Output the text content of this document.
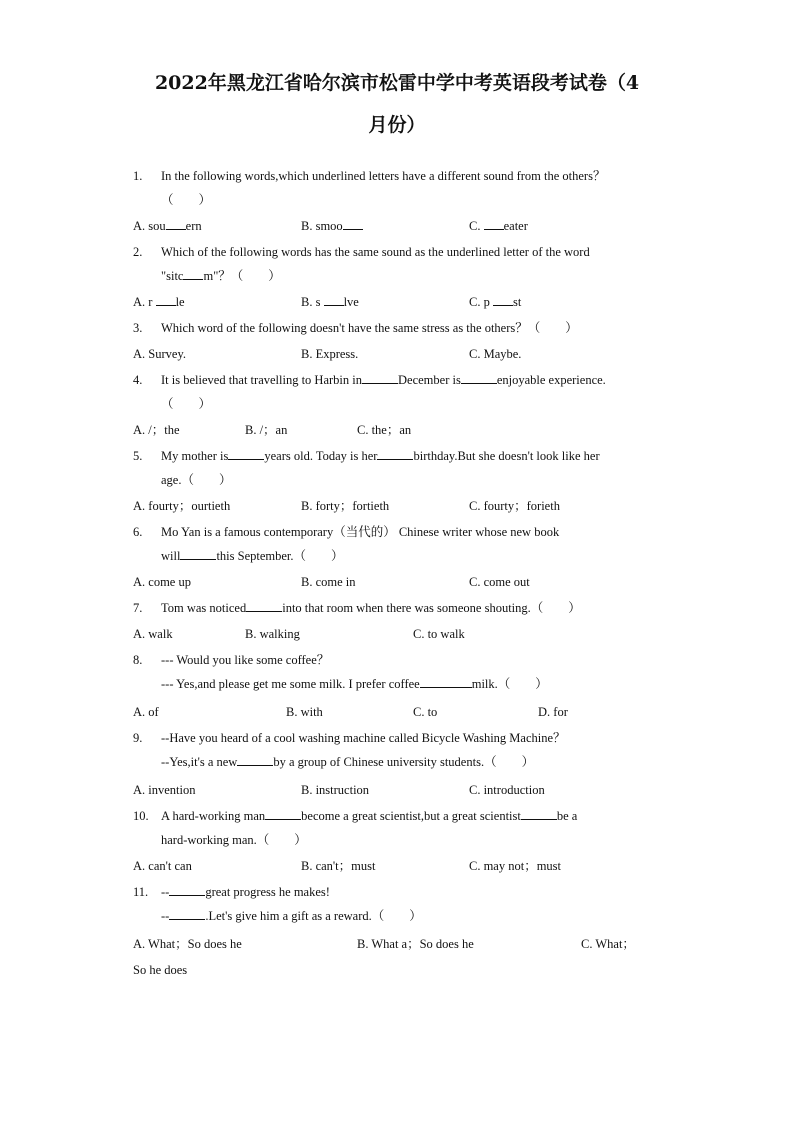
2022年黑龙江省哈尔滨市松雷中学中考英语段考试卷（4
月份）
1. In the following words,which underlined letters have a different sound from the others？
（　　）
A. sou ern	B. smoo	C. eater
2. Which of the following words has the same sound as the underlined letter of the word
"sitc m"？（　　）
A. r le	B. s lve	C. p st
3. Which word of the following doesn't have the same stress as the others？（　　）
A. Survey.	B. Express.	C. Maybe.
4. It is believed that travelling to Harbin in	December is	enjoyable experience.
（　　）
A. /；the	B. /；an	C. the；an
5. My mother is	years old. Today is her	birthday.But she doesn't look like her
age.（　　）
A. fourty；ourtieth	B. forty；fortieth	C. fourty；forieth
6. Mo Yan is a famous contemporary（当代的） Chinese writer whose new book
will	this September.（　　）
A. come up	B. come in	C. come out
7. Tom was noticed	into that room when there was someone shouting.（　　）
A. walk	B. walking	C. to walk
8. --- Would you like some coffee？
--- Yes,and please get me some milk. I prefer coffee	milk.（　　）
A. of	B. with	C. to	D. for
9. --Have you heard of a cool washing machine called Bicycle Washing Machine？
--Yes,it's a new	by a group of Chinese university students.（　　）
A. invention	B. instruction	C. introduction
10. A hard-working man	become a great scientist,but a great scientist	be a
hard-working man.（　　）
A. can't can	B. can't；must	C. may not；must
11. --	great progress he makes!
--	.Let's give him a gift as a reward.（　　）
A. What；So does he	B. What a；So does he	C. What；
So he does
